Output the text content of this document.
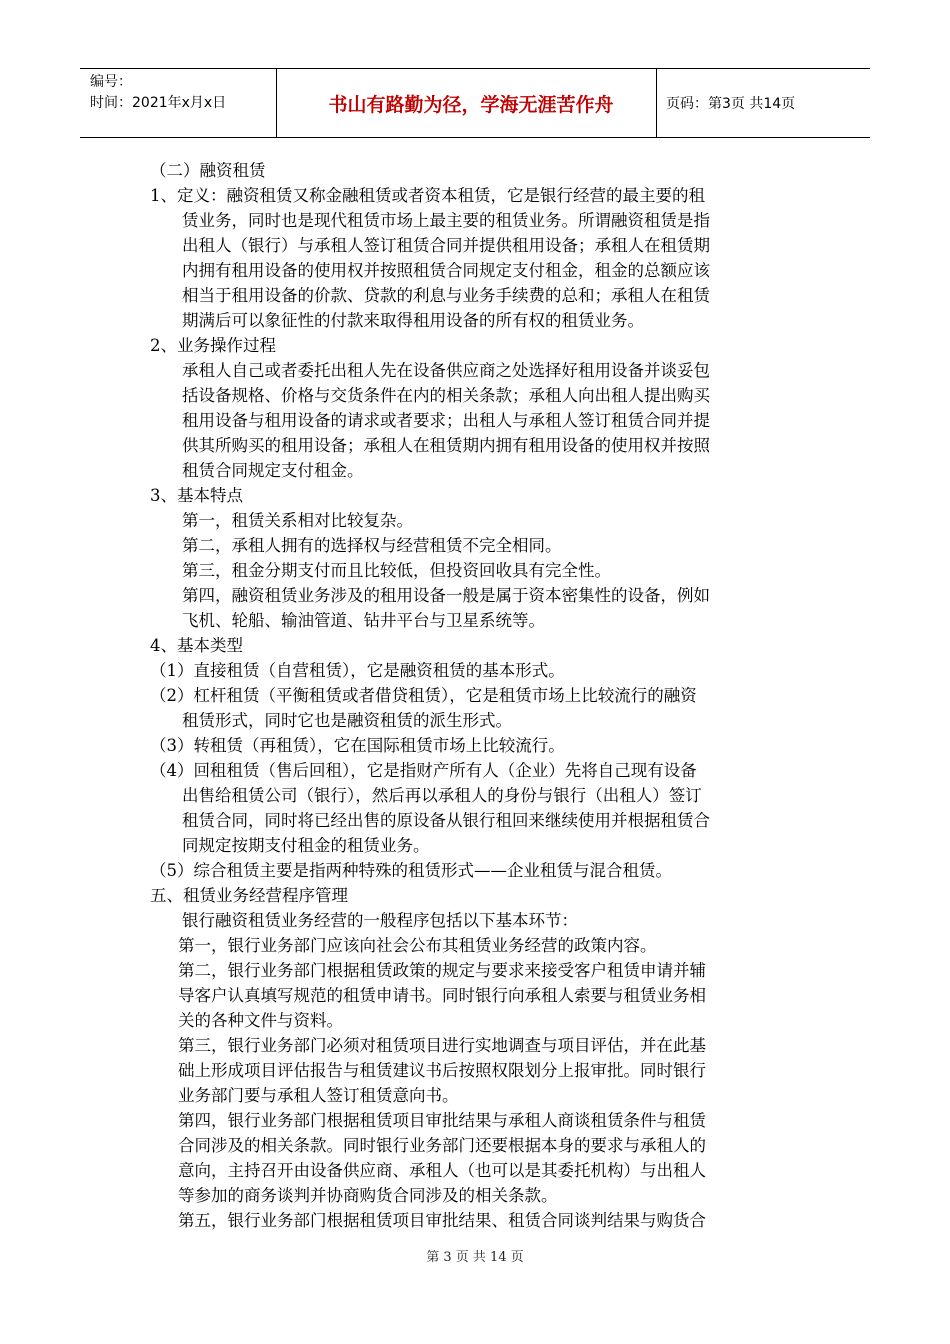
编号：
时间：2021年x月x日	书山有路勤为径，学海无涯苦作舟	页码：第3页 共14页
（二）融资租赁
1、定义：融资租赁又称金融租赁或者资本租赁，它是银行经营的最主要的租
赁业务，同时也是现代租赁市场上最主要的租赁业务。所谓融资租赁是指
出租人（银行）与承租人签订租赁合同并提供租用设备；承租人在租赁期
内拥有租用设备的使用权并按照租赁合同规定支付租金，租金的总额应该
相当于租用设备的价款、贷款的利息与业务手续费的总和；承租人在租赁
期满后可以象征性的付款来取得租用设备的所有权的租赁业务。
2、业务操作过程
承租人自己或者委托出租人先在设备供应商之处选择好租用设备并谈妥包
括设备规格、价格与交货条件在内的相关条款；承租人向出租人提出购买
租用设备与租用设备的请求或者要求；出租人与承租人签订租赁合同并提
供其所购买的租用设备；承租人在租赁期内拥有租用设备的使用权并按照
租赁合同规定支付租金。
3、基本特点
第一，租赁关系相对比较复杂。
第二，承租人拥有的选择权与经营租赁不完全相同。
第三，租金分期支付而且比较低，但投资回收具有完全性。
第四，融资租赁业务涉及的租用设备一般是属于资本密集性的设备，例如
飞机、轮船、输油管道、钻井平台与卫星系统等。
4、基本类型
（1）直接租赁（自营租赁），它是融资租赁的基本形式。
（2）杠杆租赁（平衡租赁或者借贷租赁），它是租赁市场上比较流行的融资
租赁形式，同时它也是融资租赁的派生形式。
（3）转租赁（再租赁），它在国际租赁市场上比较流行。
（4）回租租赁（售后回租），它是指财产所有人（企业）先将自己现有设备
出售给租赁公司（银行），然后再以承租人的身份与银行（出租人）签订
租赁合同，同时将已经出售的原设备从银行租回来继续使用并根据租赁合
同规定按期支付租金的租赁业务。
（5）综合租赁主要是指两种特殊的租赁形式——企业租赁与混合租赁。
五、租赁业务经营程序管理
银行融资租赁业务经营的一般程序包括以下基本环节：
第一，银行业务部门应该向社会公布其租赁业务经营的政策内容。
第二，银行业务部门根据租赁政策的规定与要求来接受客户租赁申请并辅
导客户认真填写规范的租赁申请书。同时银行向承租人索要与租赁业务相
关的各种文件与资料。
第三，银行业务部门必须对租赁项目进行实地调查与项目评估，并在此基
础上形成项目评估报告与租赁建议书后按照权限划分上报审批。同时银行
业务部门要与承租人签订租赁意向书。
第四，银行业务部门根据租赁项目审批结果与承租人商谈租赁条件与租赁
合同涉及的相关条款。同时银行业务部门还要根据本身的要求与承租人的
意向，主持召开由设备供应商、承租人（也可以是其委托机构）与出租人
等参加的商务谈判并协商购货合同涉及的相关条款。
第五，银行业务部门根据租赁项目审批结果、租赁合同谈判结果与购货合
第 3 页 共 14 页
